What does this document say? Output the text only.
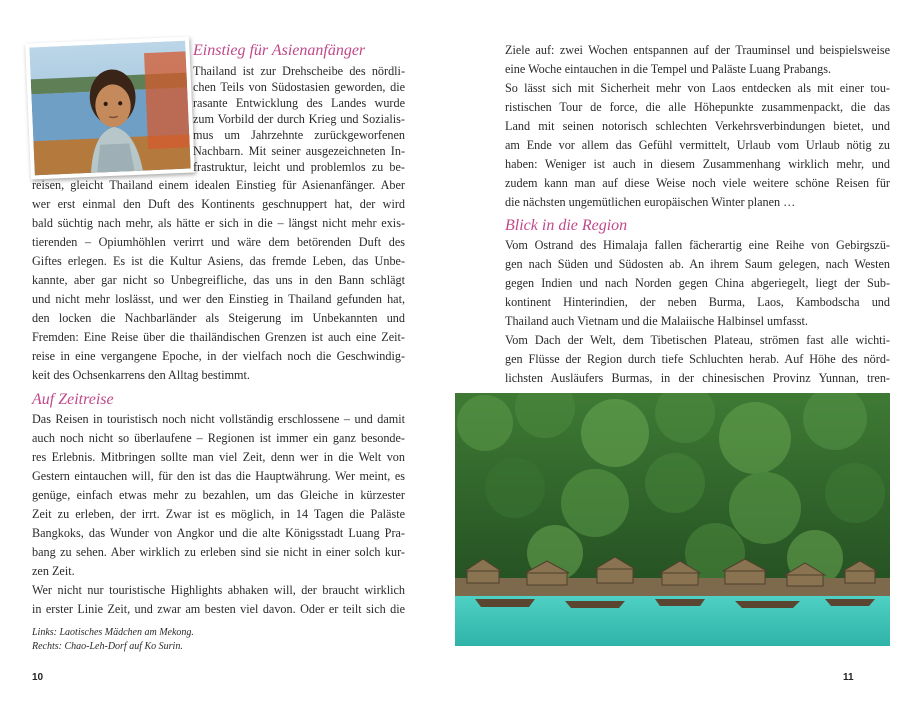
Einstieg für Asienanfänger
Thailand ist zur Drehscheibe des nördli-
chen Teils von Südostasien geworden, die
rasante Entwicklung des Landes wurde
zum Vorbild der durch Krieg und Sozialis-
mus um Jahrzehnte zurückgeworfenen
Nachbarn. Mit seiner ausgezeichneten In-
frastruktur, leicht und problemlos zu be-
reisen, gleicht Thailand einem idealen Einstieg für Asienanfänger. Aber
wer erst einmal den Duft des Kontinents geschnuppert hat, der wird
bald süchtig nach mehr, als hätte er sich in die – längst nicht mehr exis-
tierenden – Opiumhöhlen verirrt und wäre dem betörenden Duft des
Giftes erlegen. Es ist die Kultur Asiens, das fremde Leben, das Unbe-
kannte, aber gar nicht so Unbegreifliche, das uns in den Bann schlägt
und nicht mehr loslässt, und wer den Einstieg in Thailand gefunden hat,
den locken die Nachbarländer als Steigerung im Unbekannten und
Fremden: Eine Reise über die thailändischen Grenzen ist auch eine Zeit-
reise in eine vergangene Epoche, in der vielfach noch die Geschwindig-
keit des Ochsenkarrens den Alltag bestimmt.
Auf Zeitreise
Das Reisen in touristisch noch nicht vollständig erschlossene – und damit
auch noch nicht so überlaufene – Regionen ist immer ein ganz besonde-
res Erlebnis. Mitbringen sollte man viel Zeit, denn wer in die Welt von
Gestern eintauchen will, für den ist das die Hauptwährung. Wer meint, es
genüge, einfach etwas mehr zu bezahlen, um das Gleiche in kürzester
Zeit zu erleben, der irrt. Zwar ist es möglich, in 14 Tagen die Paläste
Bangkoks, das Wunder von Angkor und die alte Königsstadt Luang Pra-
bang zu sehen. Aber wirklich zu erleben sind sie nicht in einer solch kur-
zen Zeit.
Wer nicht nur touristische Highlights abhaken will, der braucht wirklich
in erster Linie Zeit, und zwar am besten viel davon. Oder er teilt sich die
Links: Laotisches Mädchen am Mekong.
Rechts: Chao-Leh-Dorf auf Ko Surin.
10
Ziele auf: zwei Wochen entspannen auf der Trauminsel und beispielsweise
eine Woche eintauchen in die Tempel und Paläste Luang Prabangs.
So lässt sich mit Sicherheit mehr von Laos entdecken als mit einer tou-
ristischen Tour de force, die alle Höhepunkte zusammenpackt, die das
Land mit seinen notorisch schlechten Verkehrsverbindungen bietet, und
am Ende vor allem das Gefühl vermittelt, Urlaub vom Urlaub nötig zu
haben: Weniger ist auch in diesem Zusammenhang wirklich mehr, und
zudem kann man auf diese Weise noch viele weitere schöne Reisen für
die nächsten ungemütlichen europäischen Winter planen …
Blick in die Region
Vom Ostrand des Himalaja fallen fächerartig eine Reihe von Gebirgszü-
gen nach Süden und Südosten ab. An ihrem Saum gelegen, nach Westen
gegen Indien und nach Norden gegen China abgeriegelt, liegt der Sub-
kontinent Hinterindien, der neben Burma, Laos, Kambodscha und
Thailand auch Vietnam und die Malaiische Halbinsel umfasst.
Vom Dach der Welt, dem Tibetischen Plateau, strömen fast alle wichti-
gen Flüsse der Region durch tiefe Schluchten herab. Auf Höhe des nörd-
lichsten Ausläufers Burmas, in der chinesischen Provinz Yunnan, tren-
11
